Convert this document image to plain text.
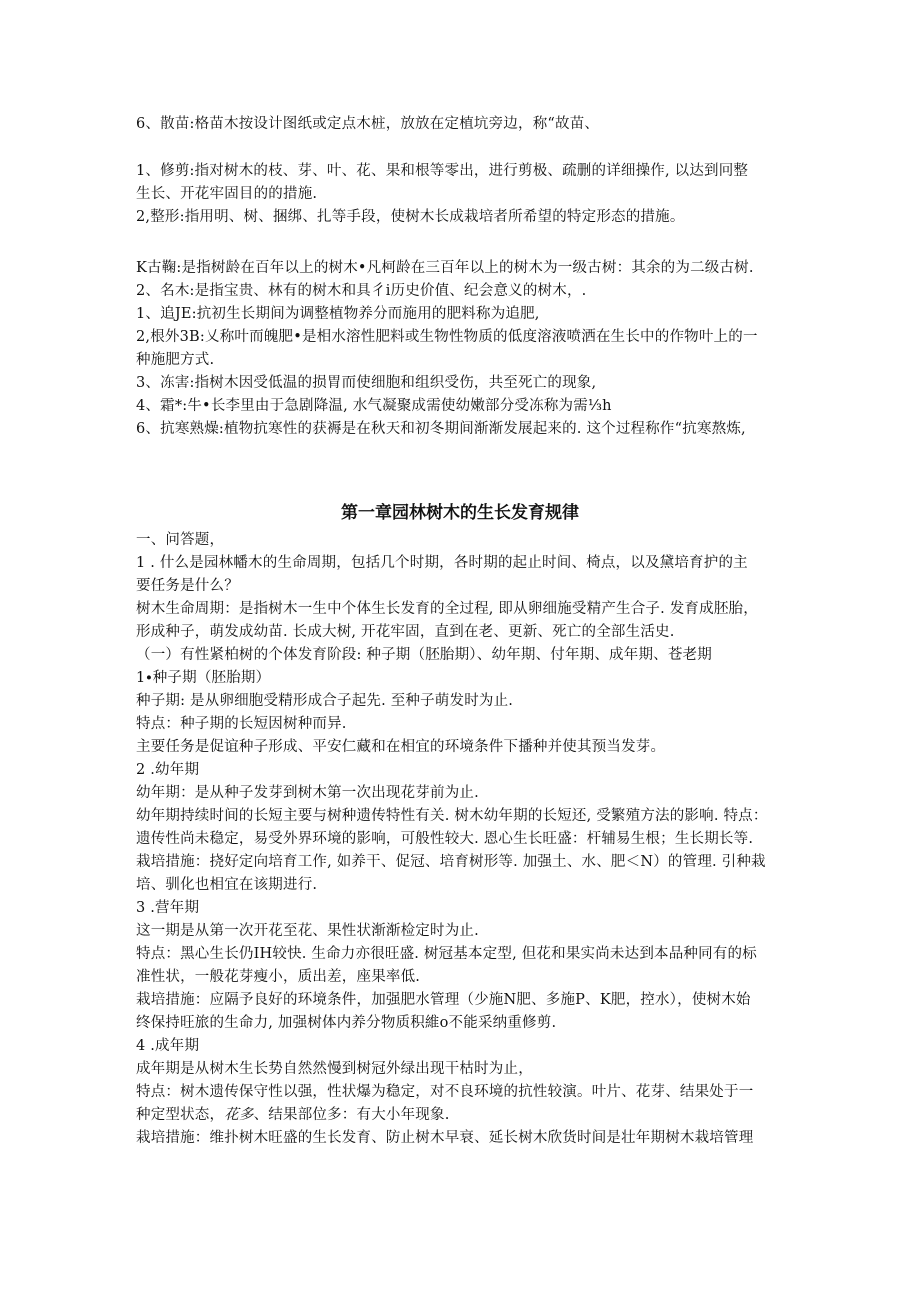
6、散苗:格苗木按设计图纸或定点木桩，放放在定植坑旁边，称“故苗、
1、修剪:指对树木的枝、芽、叶、花、果和根等零出，进行剪极、疏删的详细操作, 以达到冋整
生长、开花牢固目的的措施.
2,整形:指用明、树、捆绑、扎等手段，使树木长成栽培者所希望的特定形态的措施。
K古鞠:是指树龄在百年以上的树木•凡柯龄在三百年以上的树木为一级古树：其余的为二级古树.
2、名木:是指宝贵、林有的树木和具彳i历史价值、纪会意义的树木，.
1、追JE:抗初生长期间为调整植物养分而施用的肥料称为追肥,
2,根外3B:乂称叶而魄肥•是相水溶性肥料或生物性物质的低度溶液喷洒在生长中的作物叶上的一
种施肥方式.
3、冻害:指树木因受低温的损胃而使细胞和组织受伤，共至死亡的现象,
4、霜*:牛•长李里由于急剧降温, 水气凝聚成需使幼嫩部分受冻称为需⅓h
6、抗寒熟燥:植物抗寒性的获褥是在秋天和初冬期间渐渐发展起来的. 这个过程称作“抗寒熬炼,
第一章园林树木的生长发育规律
一、问答题，
1 . 什么是园林幡木的生命周期，包括几个时期，各时期的起止时间、椅点，以及黛培育护的主
要任务是什么？
树木生命周期：是指树木一生中个体生长发育的全过程, 即从卵细施受精产生合子. 发育成胚胎，
形成种子，萌发成幼苗. 长成大树, 开花牢固，直到在老、更新、死亡的全部生活史.
（一）有性紧柏树的个体发育阶段: 种子期（胚胎期）、幼年期、付年期、成年期、苍老期
1∙种子期（胚胎期）
种子期: 是从卵细胞受精形成合子起先. 至种子萌发时为止.
特点：种子期的长短因树种而异.
主要任务是促谊种子形成、平安仁藏和在相宜的环境条件下播种并使其预当发芽。
2 .幼年期
幼年期：是从种子发芽到树木第一次出现花芽前为止.
幼年期持续时间的长短主要与树种遗传特性有关. 树木幼年期的长短还, 受繁殖方法的影响. 特点：
遗传性尚未稳定，易受外界环境的影响，可般性较大. 恩心生长旺盛：杆辅易生根；生长期长等.
栽培措施：挠好定向培育工作, 如养干、促冠、培育树形等. 加强土、水、肥＜N）的管理. 引种栽
培、驯化也相宜在该期进行.
3 .营年期
这一期是从第一次开花至花、果性状渐渐检定时为止.
特点：黑心生长仍IH较快. 生命力亦很旺盛. 树冠基本定型, 但花和果实尚未达到本品种同有的标
准性状，一般花芽瘦小，质出差，座果率低.
栽培措施：应隔予良好的环境条件，加强肥水管理（少施N肥、多施P、K肥，控水），使树木始
终保持旺旅的生命力, 加强树体内养分物质积維o不能采纳重修剪.
4 .成年期
成年期是从树木生长势自然然慢到树冠外绿出现干枯时为止，
特点：树木遗传保守性以强，性状爆为稳定，对不良环境的抗性较演。叶片、花芽、结果处于一
种定型状态，花多、结果部位多：有大小年现象.
栽培措施：维扑树木旺盛的生长发育、防止树木早衰、延长树木欣货时间是壮年期树木栽培管理
